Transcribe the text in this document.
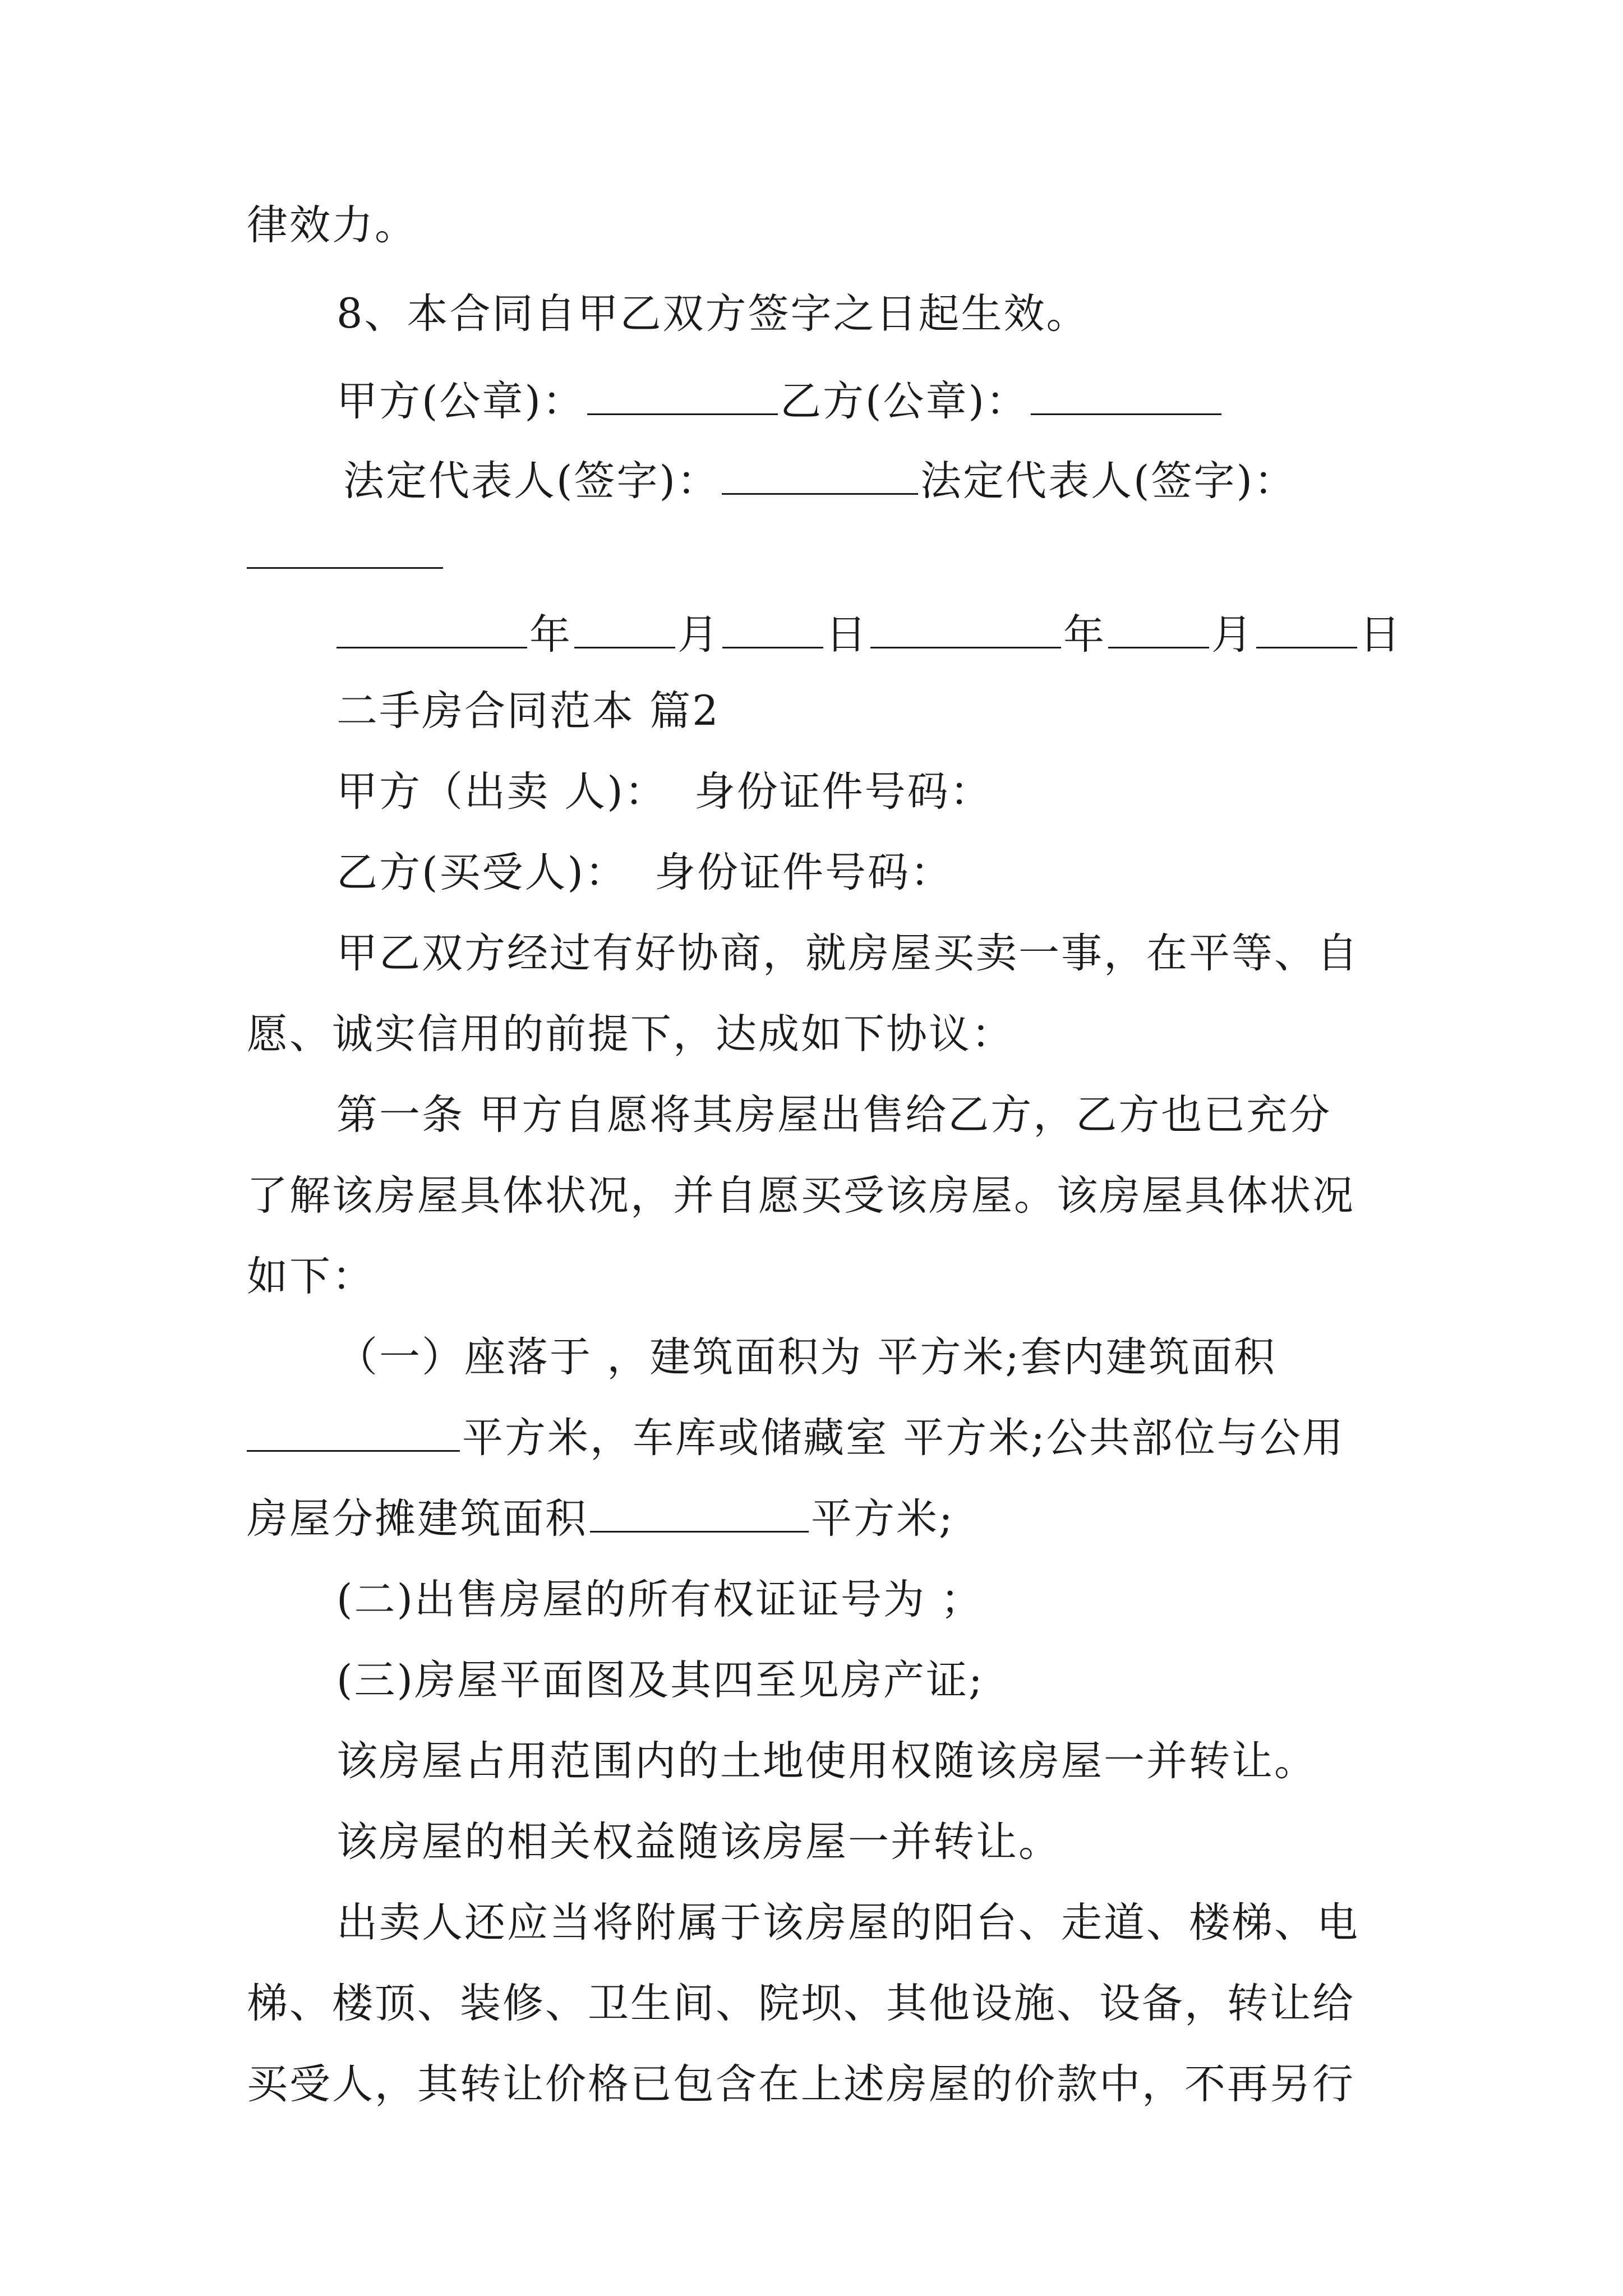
律效力。
8、本合同自甲乙双方签字之日起生效。
甲方(公章)：	乙方(公章)：
法定代表人(签字)：	法定代表人(签字)：
年	月	日	年	月	日
二手房合同范本 篇2
甲方（出卖 人)： 身份证件号码：
乙方(买受人)： 身份证件号码：
甲乙双方经过有好协商，就房屋买卖一事，在平等、自
愿、诚实信用的前提下，达成如下协议：
第一条 甲方自愿将其房屋出售给乙方，乙方也已充分
了解该房屋具体状况，并自愿买受该房屋。该房屋具体状况
如下：
（一）座落于 ，建筑面积为 平方米;套内建筑面积
平方米，车库或储藏室 平方米;公共部位与公用
房屋分摊建筑面积	平方米;
(二)出售房屋的所有权证证号为 ；
(三)房屋平面图及其四至见房产证;
该房屋占用范围内的土地使用权随该房屋一并转让。
该房屋的相关权益随该房屋一并转让。
出卖人还应当将附属于该房屋的阳台、走道、楼梯、电
梯、楼顶、装修、卫生间、院坝、其他设施、设备，转让给
买受人，其转让价格已包含在上述房屋的价款中，不再另行
